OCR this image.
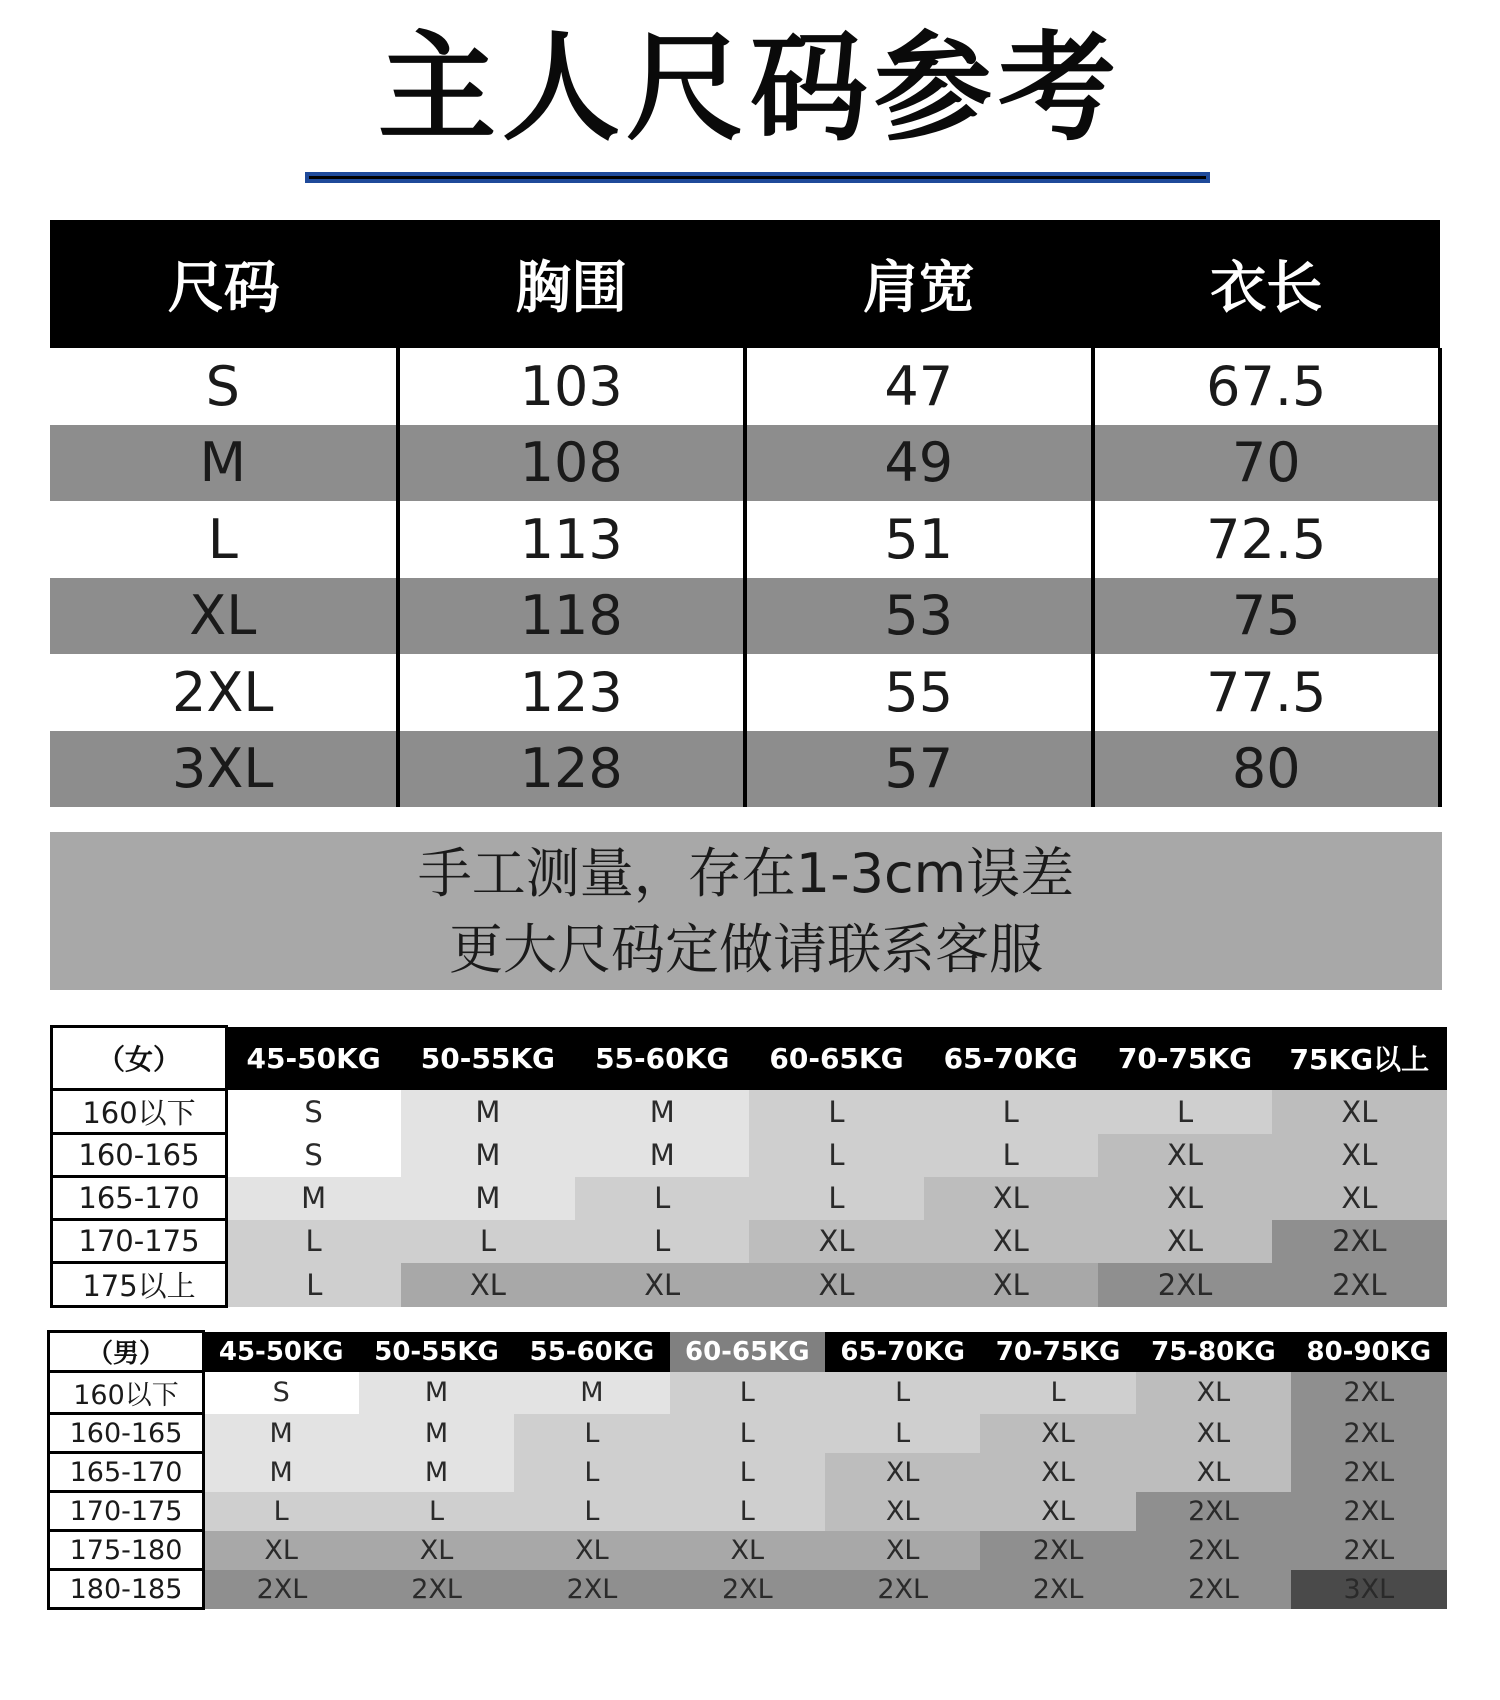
主人尺码参考
尺码	胸围	肩宽	衣长
S	103	47	67.5
M	108	49	70
L	113	51	72.5
XL	118	53	75
2XL	123	55	77.5
3XL	128	57	80
手工测量，存在1-3cm误差
更大尺码定做请联系客服
（女）	45-50KG	50-55KG	55-60KG	60-65KG	65-70KG	70-75KG	75KG以上
160以下	S	M	M	L	L	L	XL
160-165	S	M	M	L	L	XL	XL
165-170	M	M	L	L	XL	XL	XL
170-175	L	L	L	XL	XL	XL	2XL
175以上	L	XL	XL	XL	XL	2XL	2XL
（男）	45-50KG	50-55KG	55-60KG	60-65KG	65-70KG	70-75KG	75-80KG	80-90KG
160以下	S	M	M	L	L	L	XL	2XL
160-165	M	M	L	L	L	XL	XL	2XL
165-170	M	M	L	L	XL	XL	XL	2XL
170-175	L	L	L	L	XL	XL	2XL	2XL
175-180	XL	XL	XL	XL	XL	2XL	2XL	2XL
180-185	2XL	2XL	2XL	2XL	2XL	2XL	2XL	3XL
